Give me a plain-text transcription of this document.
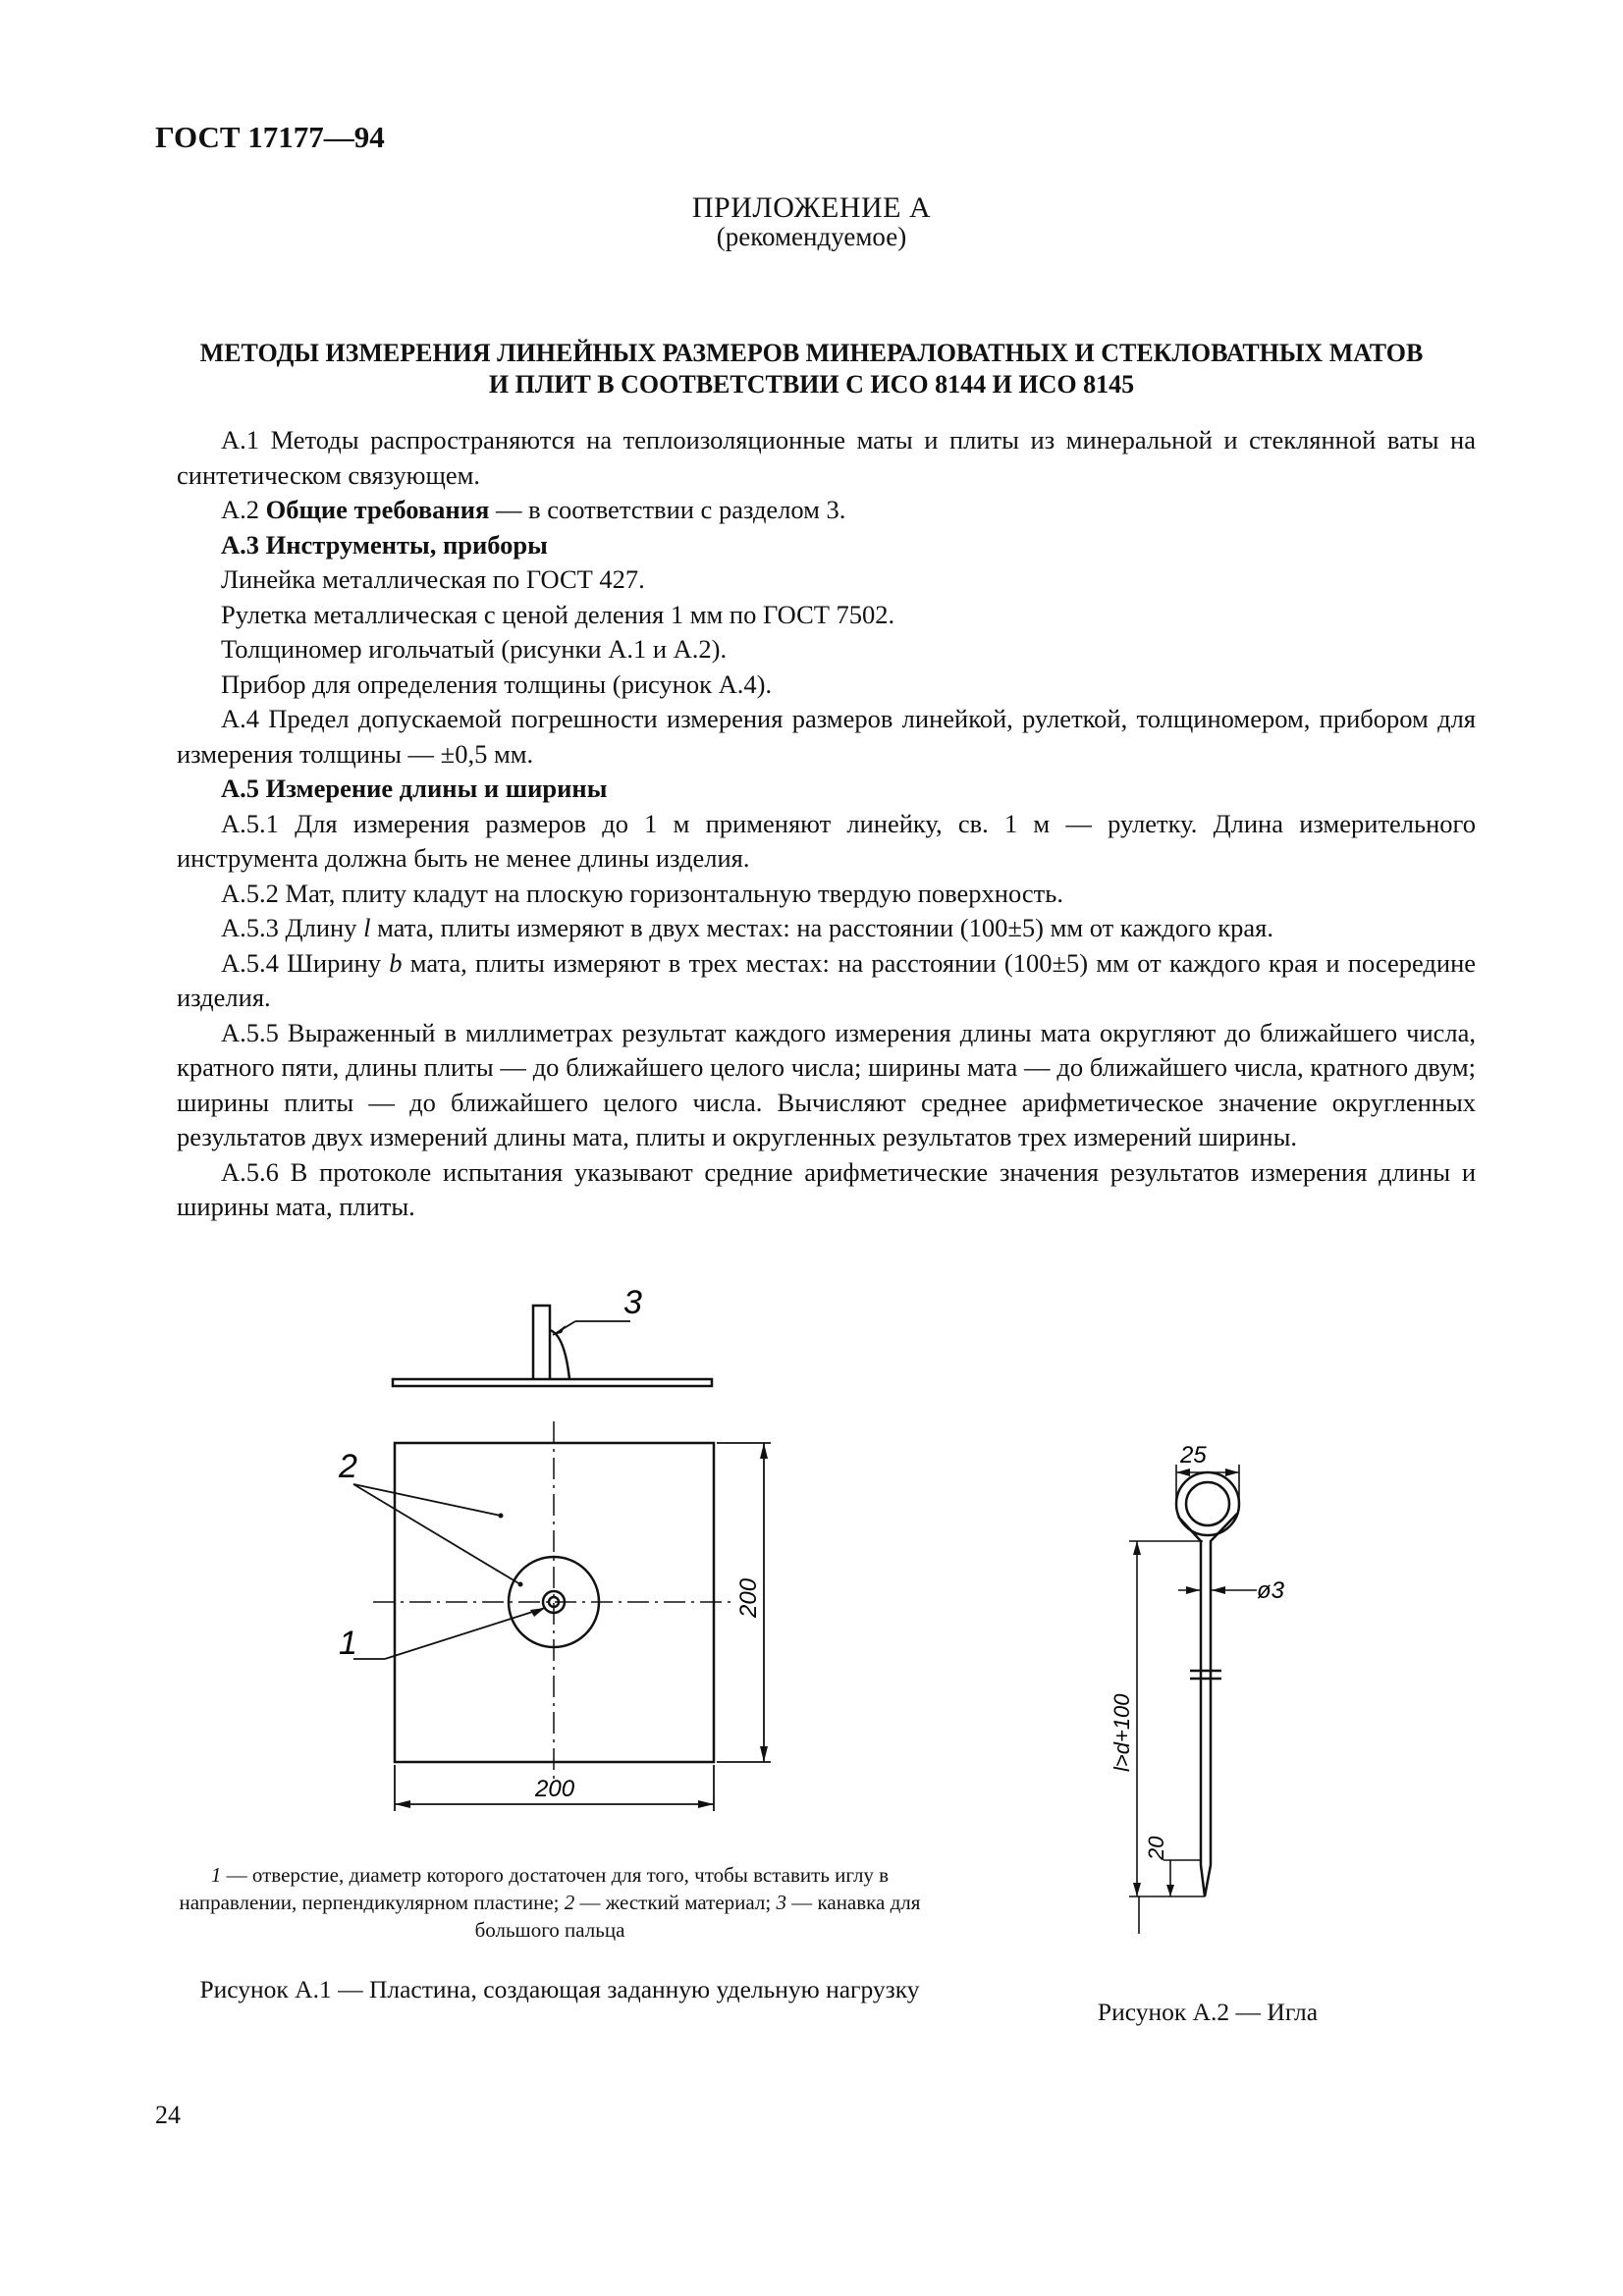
ГОСТ 17177—94
ПРИЛОЖЕНИЕ А
(рекомендуемое)
МЕТОДЫ ИЗМЕРЕНИЯ ЛИНЕЙНЫХ РАЗМЕРОВ МИНЕРАЛОВАТНЫХ И СТЕКЛОВАТНЫХ МАТОВ
И ПЛИТ В СООТВЕТСТВИИ С ИСО 8144 И ИСО 8145

А.1 Методы распространяются на теплоизоляционные маты и плиты из минеральной и стеклянной ваты на синтетическом связующем.

А.2 Общие требования — в соответствии с разделом 3.

А.3 Инструменты, приборы

Линейка металлическая по ГОСТ 427.

Рулетка металлическая с ценой деления 1 мм по ГОСТ 7502.

Толщиномер игольчатый (рисунки А.1 и А.2).

Прибор для определения толщины (рисунок А.4).

А.4 Предел допускаемой погрешности измерения размеров линейкой, рулеткой, толщиномером, прибором для измерения толщины — ±0,5 мм.

А.5 Измерение длины и ширины

А.5.1 Для измерения размеров до 1 м применяют линейку, св. 1 м — рулетку. Длина измерительного инструмента должна быть не менее длины изделия.

А.5.2 Мат, плиту кладут на плоскую горизонтальную твердую поверхность.

А.5.3 Длину l мата, плиты измеряют в двух местах: на расстоянии (100±5) мм от каждого края.

А.5.4 Ширину b мата, плиты измеряют в трех местах: на расстоянии (100±5) мм от каждого края и посередине изделия.

А.5.5 Выраженный в миллиметрах результат каждого измерения длины мата округляют до ближайшего числа, кратного пяти, длины плиты — до ближайшего целого числа; ширины мата — до ближайшего числа, кратного двум; ширины плиты — до ближайшего целого числа. Вычисляют среднее арифметическое значение округленных результатов двух измерений длины мата, плиты и округленных результатов трех измерений ширины.

А.5.6 В протоколе испытания указывают средние арифметические значения результатов измерения длины и ширины мата, плиты.

3
2
1
200
200
25
ø3
l>d+100
20
1 — отверстие, диаметр которого достаточен для того, чтобы вставить иглу в направлении, перпендикулярном пластине; 2 — жесткий материал; 3 — канавка для большого пальца
Рисунок А.1 — Пластина, создающая заданную удельную нагрузку
Рисунок А.2 — Игла
24
